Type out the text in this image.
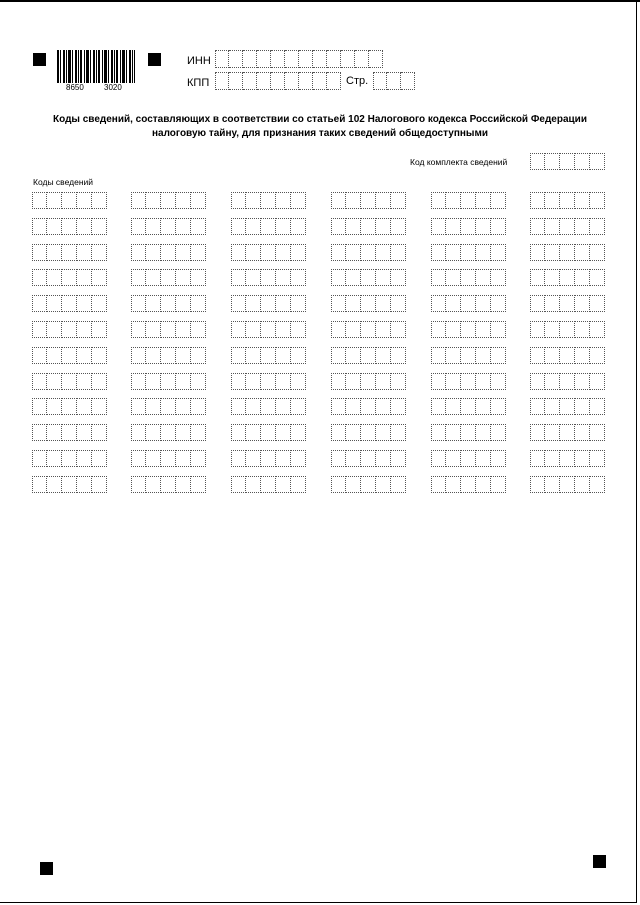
8650	3020
ИНН
КПП	Стр.
Коды сведений, составляющих в соответствии со статьей 102 Налогового кодекса Российской Федерации
налоговую тайну, для признания таких сведений общедоступными
Код комплекта сведений
Коды сведений
